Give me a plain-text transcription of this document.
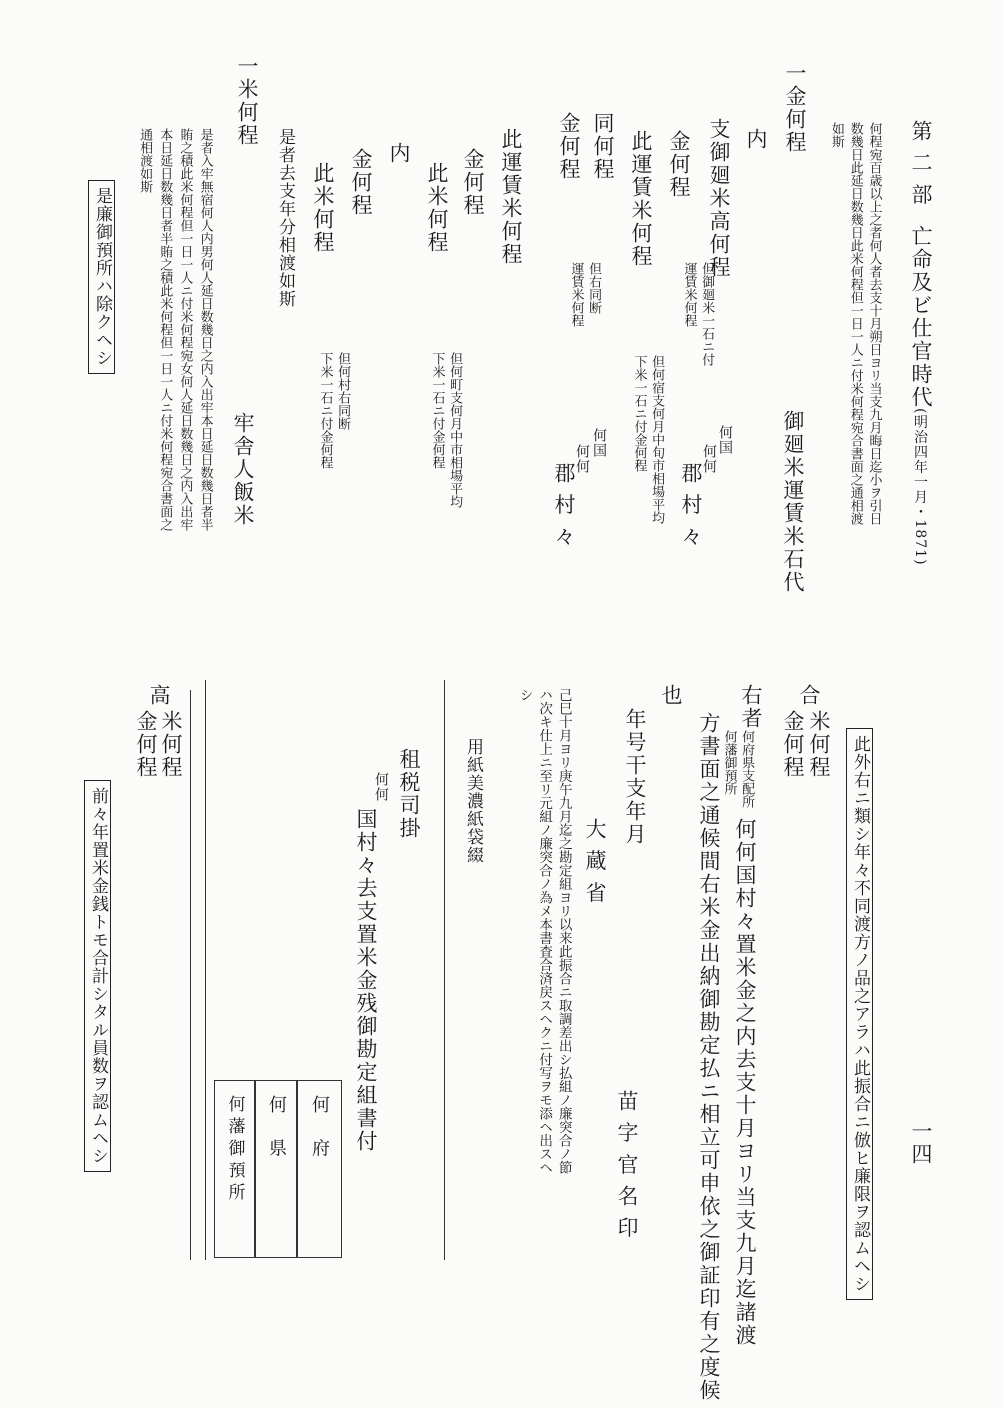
第 二 部
亡命及ビ仕官時代
(明治四年一月・1871)
一四
何程宛百歳以上之者何人者去支十月朔日ヨリ当支九月晦日迄小ヲ引日
数幾日此延日数幾日此米何程但一日一人ニ付米何程宛合書面之通相渡
如斯
一金何程
御廻米運賃米石代
内
支御廻米高何程
但御廻米一石ニ付
運賃米何程
何国
何何
郡 村 々
金何程
此運賃米何程
但何宿支何月中旬市相場平均
下米一石ニ付金何程
同何程
金何程
但右同断
運賃米何程
何国
何何
郡 村 々
此運賃米何程
金何程
此米何程
但何町支何月中市相場平均
下米一石ニ付金何程
内
金何程
此米何程
但何村右同断
下米一石ニ付金何程
是者去支年分相渡如斯
一米何程
牢舎人飯米
是者入牢無宿何人内男何人延日数幾日之内入出牢本日延日数幾日者半
賄之積此米何程但一日一人ニ付米何程宛女何人延日数幾日之内入出牢
本日延日数幾日者半賄之積此米何程但一日一人ニ付米何程宛合書面之
通相渡如斯
是廉御預所ハ除クヘシ
此外右ニ類シ年々不同渡方ノ品之アラハ此振合ニ倣ヒ廉限ヲ認ムヘシ
合
米何程
金何程
右者
何府県支配所
何藩御預所
何何国村々置米金之内去支十月ヨリ当支九月迄諸渡
方書面之通候間右米金出納御勘定払ニ相立可申依之御証印有之度候
也
年号干支年月
大 蔵 省
苗 字 官 名 印
己巳十月ヨリ庚午九月迄之勘定組ヨリ以来此振合ニ取調差出シ払組ノ廉突合ノ節
ハ次キ仕上ニ至リ元組ノ廉突合ノ為メ本書査合済戻スヘクニ付写ヲモ添ヘ出スヘ
シ
用紙美濃紙袋綴
租税司掛
何何
国村々去支置米金残御勘定組書付
何 府
何 県
何藩御預所
高
米何程
金何程
前々年置米金銭トモ合計シタル員数ヲ認ムヘシ
